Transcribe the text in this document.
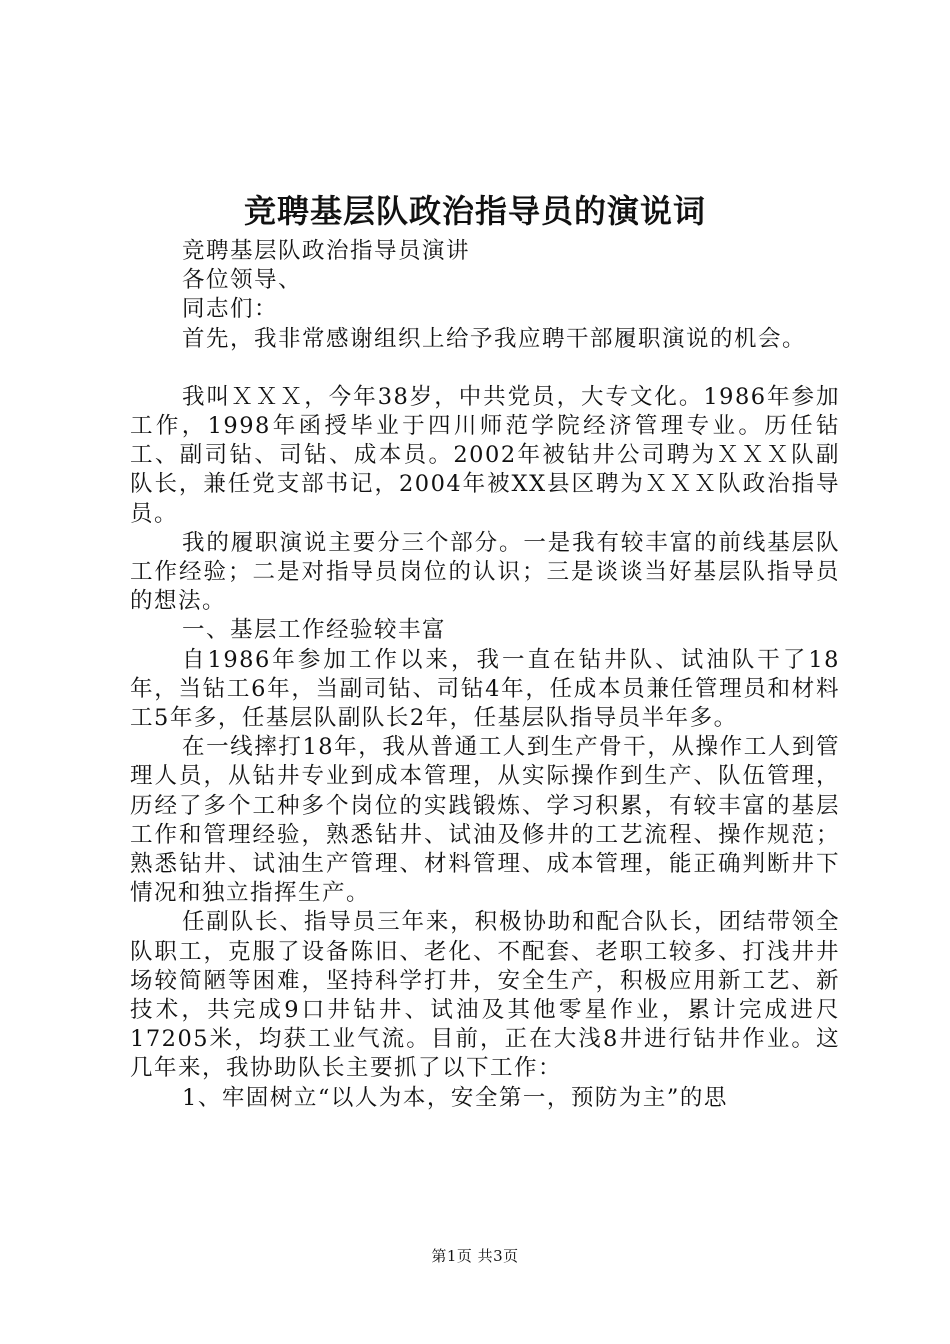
竞聘基层队政治指导员的演说词

竞聘基层队政治指导员演讲

各位领导、

同志们：

首先，我非常感谢组织上给予我应聘干部履职演说的机会。

我叫ＸＸＸ，今年38岁，中共党员，大专文化。1986年参加工作，1998年函授毕业于四川师范学院经济管理专业。历任钻工、副司钻、司钻、成本员。2002年被钻井公司聘为ＸＸＸ队副队长，兼任党支部书记，2004年被XX县区聘为ＸＸＸ队政治指导员。

我的履职演说主要分三个部分。一是我有较丰富的前线基层队工作经验；二是对指导员岗位的认识；三是谈谈当好基层队指导员的想法。

一、基层工作经验较丰富

自1986年参加工作以来，我一直在钻井队、试油队干了18年，当钻工6年，当副司钻、司钻4年，任成本员兼任管理员和材料工5年多，任基层队副队长2年，任基层队指导员半年多。

在一线摔打18年，我从普通工人到生产骨干，从操作工人到管理人员，从钻井专业到成本管理，从实际操作到生产、队伍管理，历经了多个工种多个岗位的实践锻炼、学习积累，有较丰富的基层工作和管理经验，熟悉钻井、试油及修井的工艺流程、操作规范；熟悉钻井、试油生产管理、材料管理、成本管理，能正确判断井下情况和独立指挥生产。

任副队长、指导员三年来，积极协助和配合队长，团结带领全队职工，克服了设备陈旧、老化、不配套、老职工较多、打浅井井场较简陋等困难，坚持科学打井，安全生产，积极应用新工艺、新技术，共完成9口井钻井、试油及其他零星作业，累计完成进尺17205米，均获工业气流。目前，正在大浅8井进行钻井作业。这几年来，我协助队长主要抓了以下工作：

1、牢固树立“以人为本，安全第一，预防为主”的思

第1页 共3页
